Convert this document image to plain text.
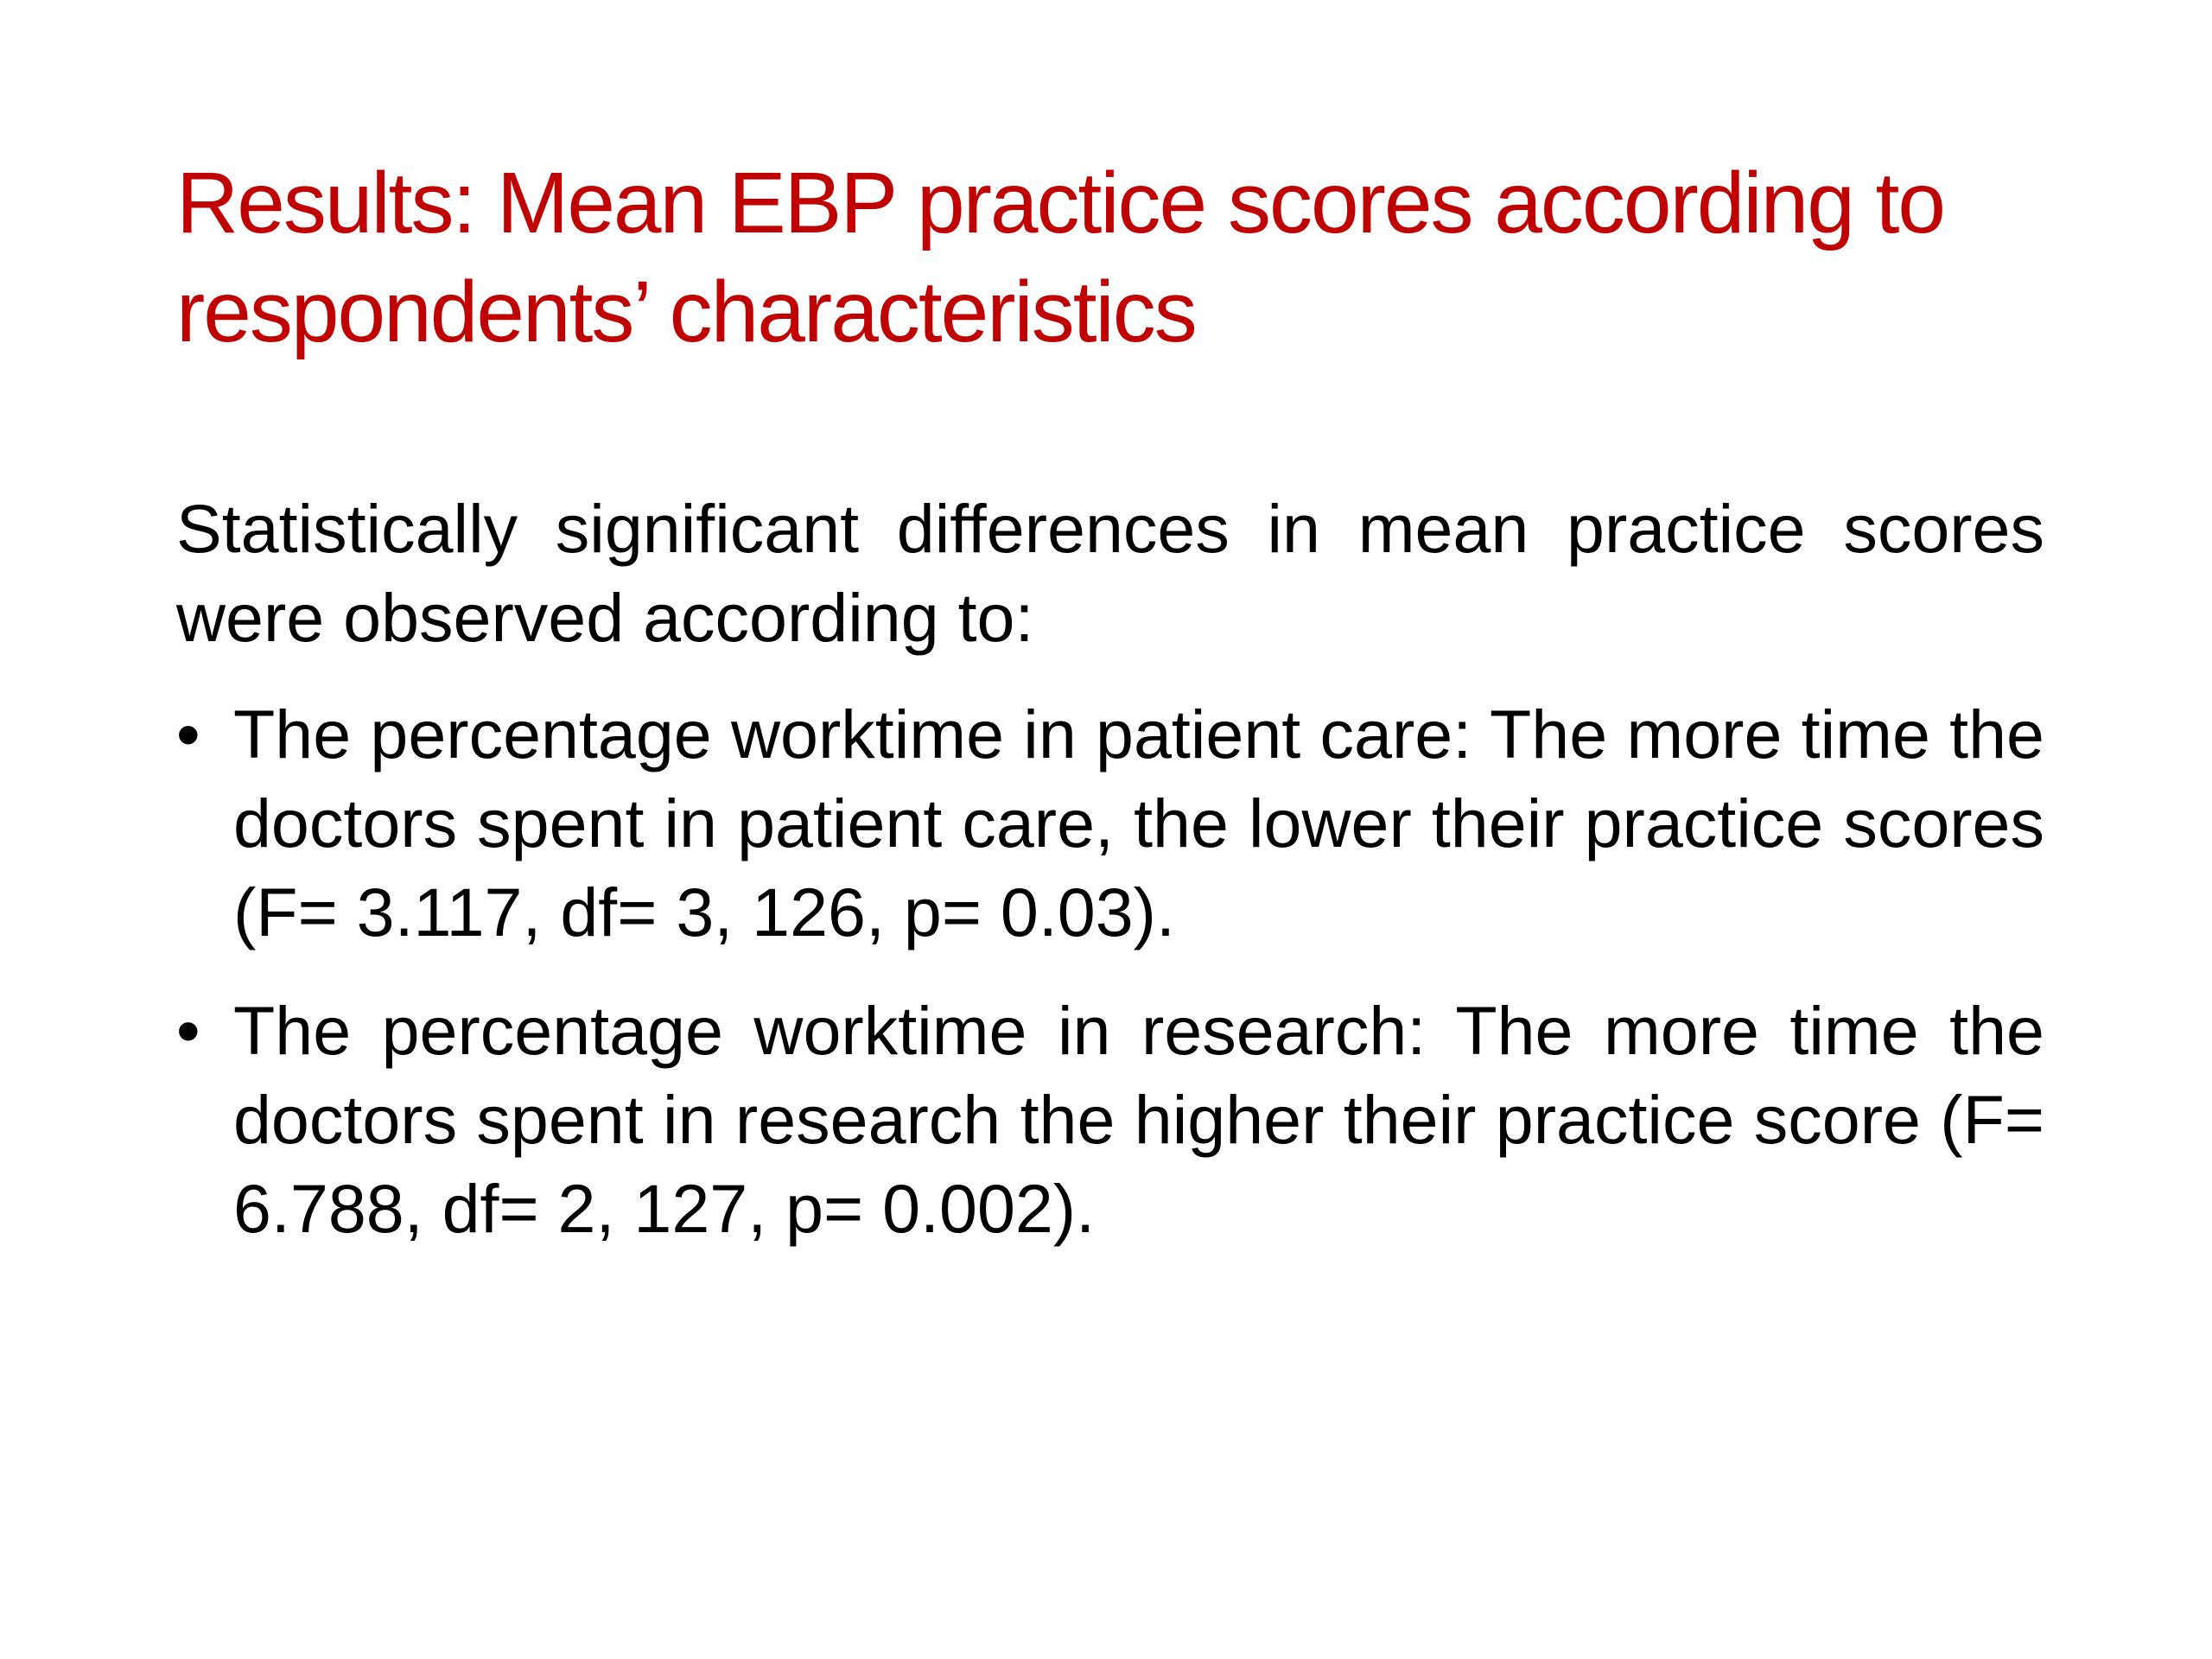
Results: Mean EBP practice scores according to respondents’ characteristics

Statistically significant differences in mean practice scores were observed according to:

• The percentage worktime in patient care: The more time the doctors spent in patient care, the lower their practice scores (F= 3.117, df= 3, 126, p= 0.03).
• The percentage worktime in research: The more time the doctors spent in research the higher their practice score (F= 6.788, df= 2, 127, p= 0.002).
